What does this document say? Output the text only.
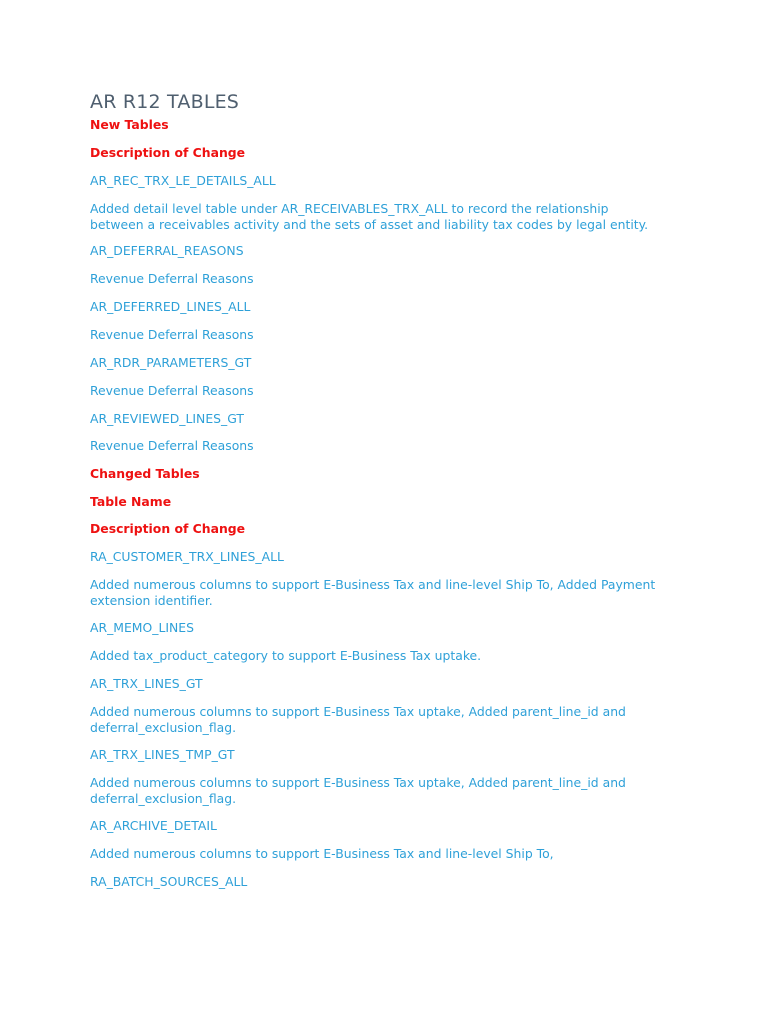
AR R12 TABLES
New Tables
Description of Change
AR_REC_TRX_LE_DETAILS_ALL
Added detail level table under AR_RECEIVABLES_TRX_ALL to record the relationship
between a receivables activity and the sets of asset and liability tax codes by legal entity.
AR_DEFERRAL_REASONS
Revenue Deferral Reasons
AR_DEFERRED_LINES_ALL
Revenue Deferral Reasons
AR_RDR_PARAMETERS_GT
Revenue Deferral Reasons
AR_REVIEWED_LINES_GT
Revenue Deferral Reasons
Changed Tables
Table Name
Description of Change
RA_CUSTOMER_TRX_LINES_ALL
Added numerous columns to support E-Business Tax and line-level Ship To, Added Payment
extension identifier.
AR_MEMO_LINES
Added tax_product_category to support E-Business Tax uptake.
AR_TRX_LINES_GT
Added numerous columns to support E-Business Tax uptake, Added parent_line_id and
deferral_exclusion_flag.
AR_TRX_LINES_TMP_GT
Added numerous columns to support E-Business Tax uptake, Added parent_line_id and
deferral_exclusion_flag.
AR_ARCHIVE_DETAIL
Added numerous columns to support E-Business Tax and line-level Ship To,
RA_BATCH_SOURCES_ALL
